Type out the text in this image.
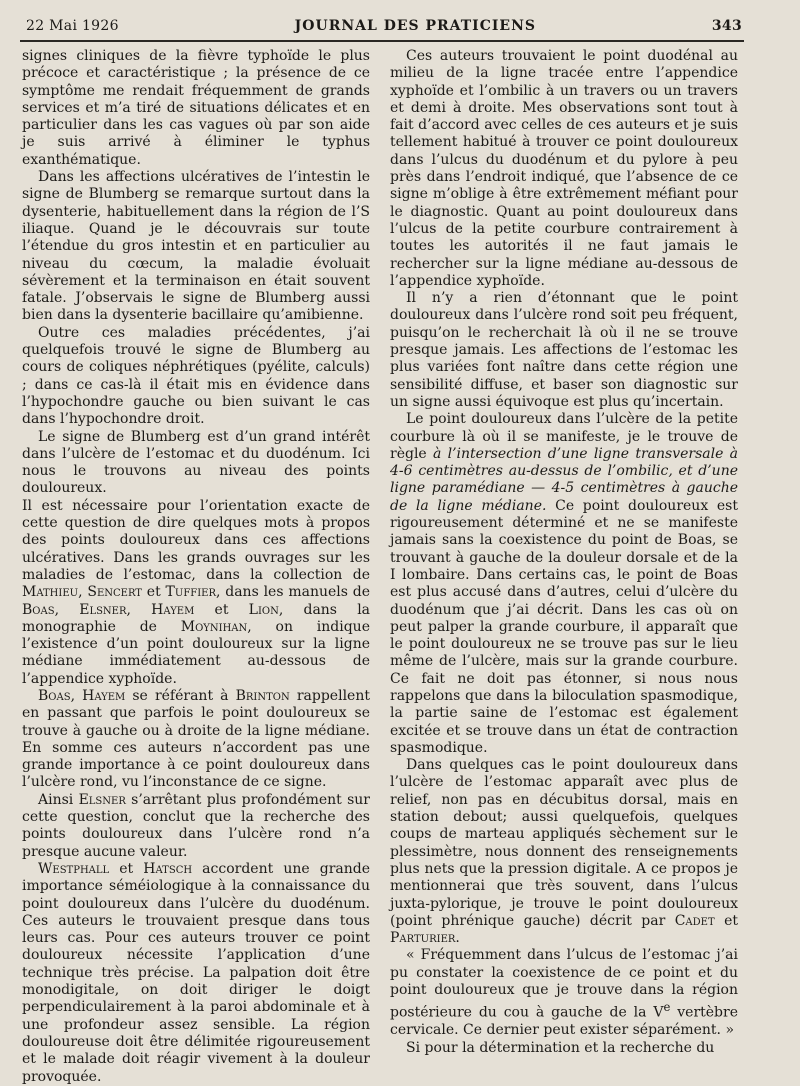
22 Mai 1926	JOURNAL DES PRATICIENS	343

signes cliniques de la fièvre typhoïde le plus précoce et caractéristique ; la présence de ce symptôme me rendait fréquemment de grands services et m’a tiré de situations délicates et en particulier dans les cas vagues où par son aide je suis arrivé à éliminer le typhus exanthématique.

Dans les affections ulcératives de l’intestin le signe de Blumberg se remarque surtout dans la dysenterie, habituellement dans la région de l’S iliaque. Quand je le découvrais sur toute l’étendue du gros intestin et en particulier au niveau du cœcum, la maladie évoluait sévèrement et la terminaison en était souvent fatale. J’observais le signe de Blumberg aussi bien dans la dysenterie bacillaire qu’amibienne.

Outre ces maladies précédentes, j’ai quelquefois trouvé le signe de Blumberg au cours de coliques néphrétiques (pyélite, calculs) ; dans ce cas-là il était mis en évidence dans l’hypochondre gauche ou bien suivant le cas dans l’hypochondre droit.

Le signe de Blumberg est d’un grand intérêt dans l’ulcère de l’estomac et du duodénum. Ici nous le trouvons au niveau des points douloureux.

Il est nécessaire pour l’orientation exacte de cette question de dire quelques mots à propos des points douloureux dans ces affections ulcératives. Dans les grands ouvrages sur les maladies de l’estomac, dans la collection de Mathieu, Sencert et Tuffier, dans les manuels de Boas, Elsner, Hayem et Lion, dans la monographie de Moynihan, on indique l’existence d’un point douloureux sur la ligne médiane immédiatement au-dessous de l’appendice xyphoïde.

Boas, Hayem se référant à Brinton rappellent en passant que parfois le point douloureux se trouve à gauche ou à droite de la ligne médiane. En somme ces auteurs n’accordent pas une grande importance à ce point douloureux dans l’ulcère rond, vu l’inconstance de ce signe.

Ainsi Elsner s’arrêtant plus profondément sur cette question, conclut que la recherche des points douloureux dans l’ulcère rond n’a presque aucune valeur.

Westphall et Hatsch accordent une grande importance séméiologique à la connaissance du point douloureux dans l’ulcère du duodénum. Ces auteurs le trouvaient presque dans tous leurs cas. Pour ces auteurs trouver ce point douloureux nécessite l’application d’une technique très précise. La palpation doit être monodigitale, on doit diriger le doigt perpendiculairement à la paroi abdominale et à une profondeur assez sensible. La région douloureuse doit être délimitée rigoureusement et le malade doit réagir vivement à la douleur provoquée.

Ces auteurs trouvaient le point duodénal au milieu de la ligne tracée entre l’appendice xyphoïde et l’ombilic à un travers ou un travers et demi à droite. Mes observations sont tout à fait d’accord avec celles de ces auteurs et je suis tellement habitué à trouver ce point douloureux dans l’ulcus du duodénum et du pylore à peu près dans l’endroit indiqué, que l’absence de ce signe m’oblige à être extrêmement méfiant pour le diagnostic. Quant au point douloureux dans l’ulcus de la petite courbure contrairement à toutes les autorités il ne faut jamais le rechercher sur la ligne médiane au-dessous de l’appendice xyphoïde.

Il n’y a rien d’étonnant que le point douloureux dans l’ulcère rond soit peu fréquent, puisqu’on le recherchait là où il ne se trouve presque jamais. Les affections de l’estomac les plus variées font naître dans cette région une sensibilité diffuse, et baser son diagnostic sur un signe aussi équivoque est plus qu’incertain.

Le point douloureux dans l’ulcère de la petite courbure là où il se manifeste, je le trouve de règle à l’intersection d’une ligne transversale à 4-6 centimètres au-dessus de l’ombilic, et d’une ligne paramédiane — 4-5 centimètres à gauche de la ligne médiane. Ce point douloureux est rigoureusement déterminé et ne se manifeste jamais sans la coexistence du point de Boas, se trouvant à gauche de la douleur dorsale et de la I lombaire. Dans certains cas, le point de Boas est plus accusé dans d’autres, celui d’ulcère du duodénum que j’ai décrit. Dans les cas où on peut palper la grande courbure, il apparaît que le point douloureux ne se trouve pas sur le lieu même de l’ulcère, mais sur la grande courbure. Ce fait ne doit pas étonner, si nous nous rappelons que dans la biloculation spasmodique, la partie saine de l’estomac est également excitée et se trouve dans un état de contraction spasmodique.

Dans quelques cas le point douloureux dans l’ulcère de l’estomac apparaît avec plus de relief, non pas en décubitus dorsal, mais en station debout; aussi quelquefois, quelques coups de marteau appliqués sèchement sur le plessimètre, nous donnent des renseignements plus nets que la pression digitale. A ce propos je mentionnerai que très souvent, dans l’ulcus juxta-pylorique, je trouve le point douloureux (point phrénique gauche) décrit par Cadet et Parturier.

« Fréquemment dans l’ulcus de l’estomac j’ai pu constater la coexistence de ce point et du point douloureux que je trouve dans la région postérieure du cou à gauche de la Ve vertèbre cervicale. Ce dernier peut exister séparément. »

Si pour la détermination et la recherche du
